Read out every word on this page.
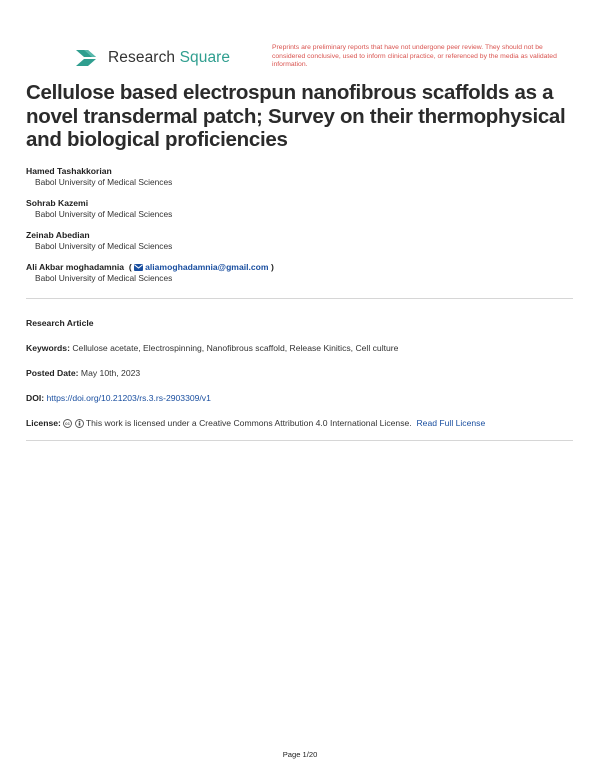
Research Square
Preprints are preliminary reports that have not undergone peer review. They should not be considered conclusive, used to inform clinical practice, or referenced by the media as validated information.
Cellulose based electrospun nanofibrous scaffolds as a novel transdermal patch; Survey on their thermophysical and biological proficiencies
Hamed Tashakkorian
Babol University of Medical Sciences
Sohrab Kazemi
Babol University of Medical Sciences
Zeinab Abedian
Babol University of Medical Sciences
Ali Akbar moghadamnia  ( aliamoghadamnia@gmail.com )
Babol University of Medical Sciences
Research Article
Keywords: Cellulose acetate, Electrospinning, Nanofibrous scaffold, Release Kinitics, Cell culture
Posted Date: May 10th, 2023
DOI: https://doi.org/10.21203/rs.3.rs-2903309/v1
License: cc This work is licensed under a Creative Commons Attribution 4.0 International License. Read Full License
Page 1/20
